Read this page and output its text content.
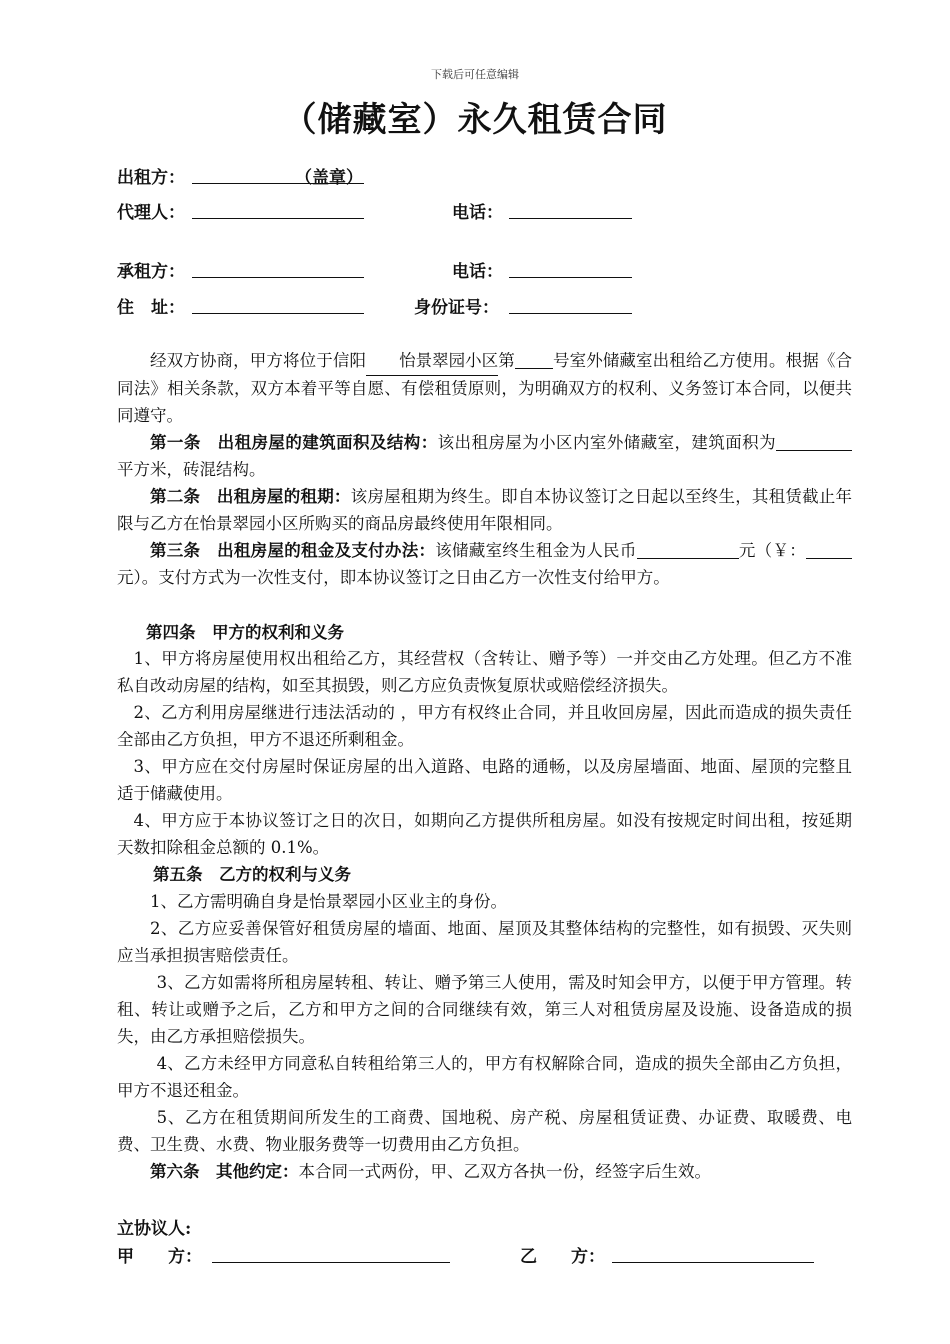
下载后可任意编辑
（储藏室）永久租赁合同
出租方：	（盖章）
代理人：	电话：
承租方：	电话：
住　址：	身份证号：
经双方协商，甲方将位于信阳 怡景翠园小区第 号室外储藏室出租给乙方使用。根据《合同法》相关条款，双方本着平等自愿、有偿租赁原则，为明确双方的权利、义务签订本合同，以便共同遵守。
第一条　出租房屋的建筑面积及结构：该出租房屋为小区内室外储藏室，建筑面积为平方米，砖混结构。
第二条　出租房屋的租期：该房屋租期为终生。即自本协议签订之日起以至终生，其租赁截止年限与乙方在怡景翠园小区所购买的商品房最终使用年限相同。
第三条　出租房屋的租金及支付办法：该储藏室终生租金为人民币	元（￥：元）。支付方式为一次性支付，即本协议签订之日由乙方一次性支付给甲方。
第四条　甲方的权利和义务
1、甲方将房屋使用权出租给乙方，其经营权（含转让、赠予等）一并交由乙方处理。但乙方不准私自改动房屋的结构，如至其损毁，则乙方应负责恢复原状或赔偿经济损失。
2、乙方利用房屋继进行违法活动的 ，甲方有权终止合同，并且收回房屋，因此而造成的损失责任全部由乙方负担，甲方不退还所剩租金。
3、甲方应在交付房屋时保证房屋的出入道路、电路的通畅，以及房屋墙面、地面、屋顶的完整且适于储藏使用。
4、甲方应于本协议签订之日的次日，如期向乙方提供所租房屋。如没有按规定时间出租，按延期天数扣除租金总额的 0.1%。
第五条　乙方的权利与义务
1、乙方需明确自身是怡景翠园小区业主的身份。
2、乙方应妥善保管好租赁房屋的墙面、地面、屋顶及其整体结构的完整性，如有损毁、灭失则应当承担损害赔偿责任。
3、乙方如需将所租房屋转租、转让、赠予第三人使用，需及时知会甲方，以便于甲方管理。转租、转让或赠予之后，乙方和甲方之间的合同继续有效，第三人对租赁房屋及设施、设备造成的损失，由乙方承担赔偿损失。
4、乙方未经甲方同意私自转租给第三人的，甲方有权解除合同，造成的损失全部由乙方负担，甲方不退还租金。
5、乙方在租赁期间所发生的工商费、国地税、房产税、房屋租赁证费、办证费、取暖费、电费、卫生费、水费、物业服务费等一切费用由乙方负担。
第六条　其他约定：本合同一式两份，甲、乙双方各执一份，经签字后生效。
立协议人:
甲　　方：	乙　　方：
